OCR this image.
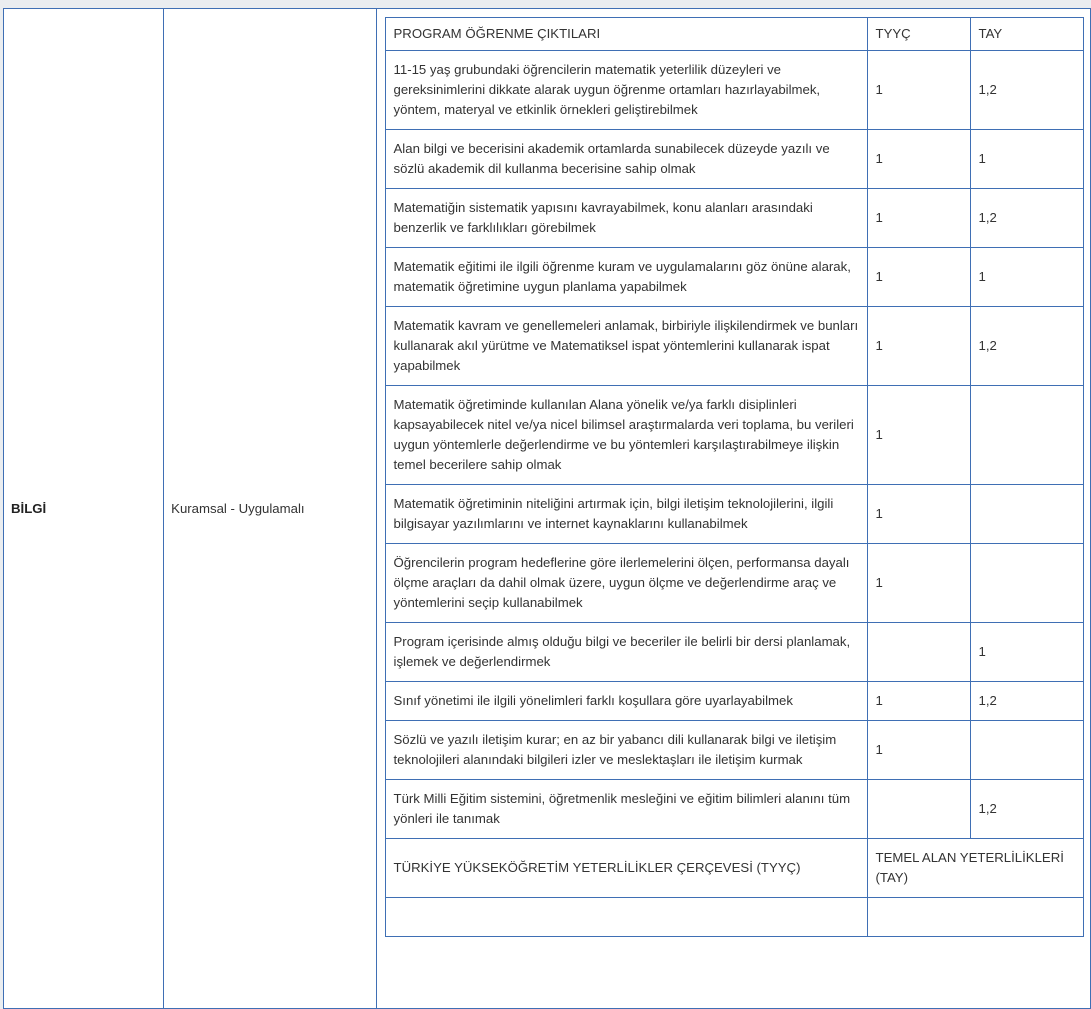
BİLGİ	Kuramsal - Uygulamalı	
PROGRAM ÖĞRENME ÇIKTILARI	TYYÇ	TAY
11-15 yaş grubundaki öğrencilerin matematik yeterlilik düzeyleri ve gereksinimlerini dikkate alarak uygun öğrenme ortamları hazırlayabilmek, yöntem, materyal ve etkinlik örnekleri geliştirebilmek	1	1,2
Alan bilgi ve becerisini akademik ortamlarda sunabilecek düzeyde yazılı ve sözlü akademik dil kullanma becerisine sahip olmak	1	1
Matematiğin sistematik yapısını kavrayabilmek, konu alanları arasındaki benzerlik ve farklılıkları görebilmek	1	1,2
Matematik eğitimi ile ilgili öğrenme kuram ve uygulamalarını göz önüne alarak, matematik öğretimine uygun planlama yapabilmek	1	1
Matematik kavram ve genellemeleri anlamak, birbiriyle ilişkilendirmek ve bunları kullanarak akıl yürütme ve Matematiksel ispat yöntemlerini kullanarak ispat yapabilmek	1	1,2
Matematik öğretiminde kullanılan Alana yönelik ve/ya farklı disiplinleri kapsayabilecek nitel ve/ya nicel bilimsel araştırmalarda veri toplama, bu verileri uygun yöntemlerle değerlendirme ve bu yöntemleri karşılaştırabilmeye ilişkin temel becerilere sahip olmak	1	
Matematik öğretiminin niteliğini artırmak için, bilgi iletişim teknolojilerini, ilgili bilgisayar yazılımlarını ve internet kaynaklarını kullanabilmek	1	
Öğrencilerin program hedeflerine göre ilerlemelerini ölçen, performansa dayalı ölçme araçları da dahil olmak üzere, uygun ölçme ve değerlendirme araç ve yöntemlerini seçip kullanabilmek	1	
Program içerisinde almış olduğu bilgi ve beceriler ile belirli bir dersi planlamak, işlemek ve değerlendirmek		1
Sınıf yönetimi ile ilgili yönelimleri farklı koşullara göre uyarlayabilmek	1	1,2
Sözlü ve yazılı iletişim kurar; en az bir yabancı dili kullanarak bilgi ve iletişim teknolojileri alanındaki bilgileri izler ve meslektaşları ile iletişim kurmak	1	
Türk Milli Eğitim sistemini, öğretmenlik mesleğini ve eğitim bilimleri alanını tüm yönleri ile tanımak		1,2
TÜRKİYE YÜKSEKÖĞRETİM YETERLİLİKLER ÇERÇEVESİ (TYYÇ)	TEMEL ALAN YETERLİLİKLERİ (TAY)
